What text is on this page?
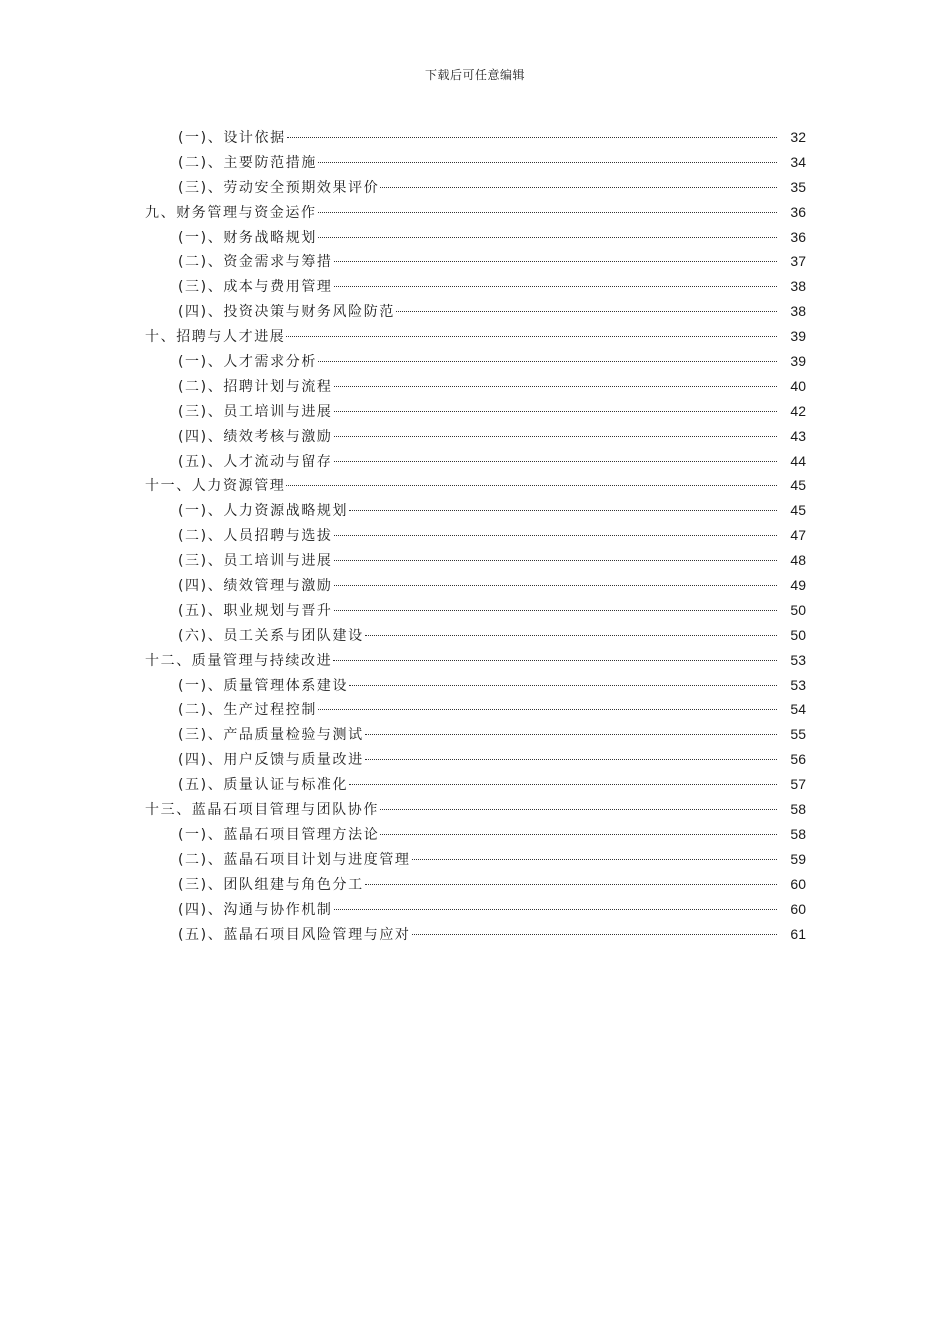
下载后可任意编辑
(一)、设计依据	32
(二)、主要防范措施	34
(三)、劳动安全预期效果评价	35
九、财务管理与资金运作	36
(一)、财务战略规划	36
(二)、资金需求与筹措	37
(三)、成本与费用管理	38
(四)、投资决策与财务风险防范	38
十、招聘与人才进展	39
(一)、人才需求分析	39
(二)、招聘计划与流程	40
(三)、员工培训与进展	42
(四)、绩效考核与激励	43
(五)、人才流动与留存	44
十一、人力资源管理	45
(一)、人力资源战略规划	45
(二)、人员招聘与选拔	47
(三)、员工培训与进展	48
(四)、绩效管理与激励	49
(五)、职业规划与晋升	50
(六)、员工关系与团队建设	50
十二、质量管理与持续改进	53
(一)、质量管理体系建设	53
(二)、生产过程控制	54
(三)、产品质量检验与测试	55
(四)、用户反馈与质量改进	56
(五)、质量认证与标准化	57
十三、蓝晶石项目管理与团队协作	58
(一)、蓝晶石项目管理方法论	58
(二)、蓝晶石项目计划与进度管理	59
(三)、团队组建与角色分工	60
(四)、沟通与协作机制	60
(五)、蓝晶石项目风险管理与应对	61
